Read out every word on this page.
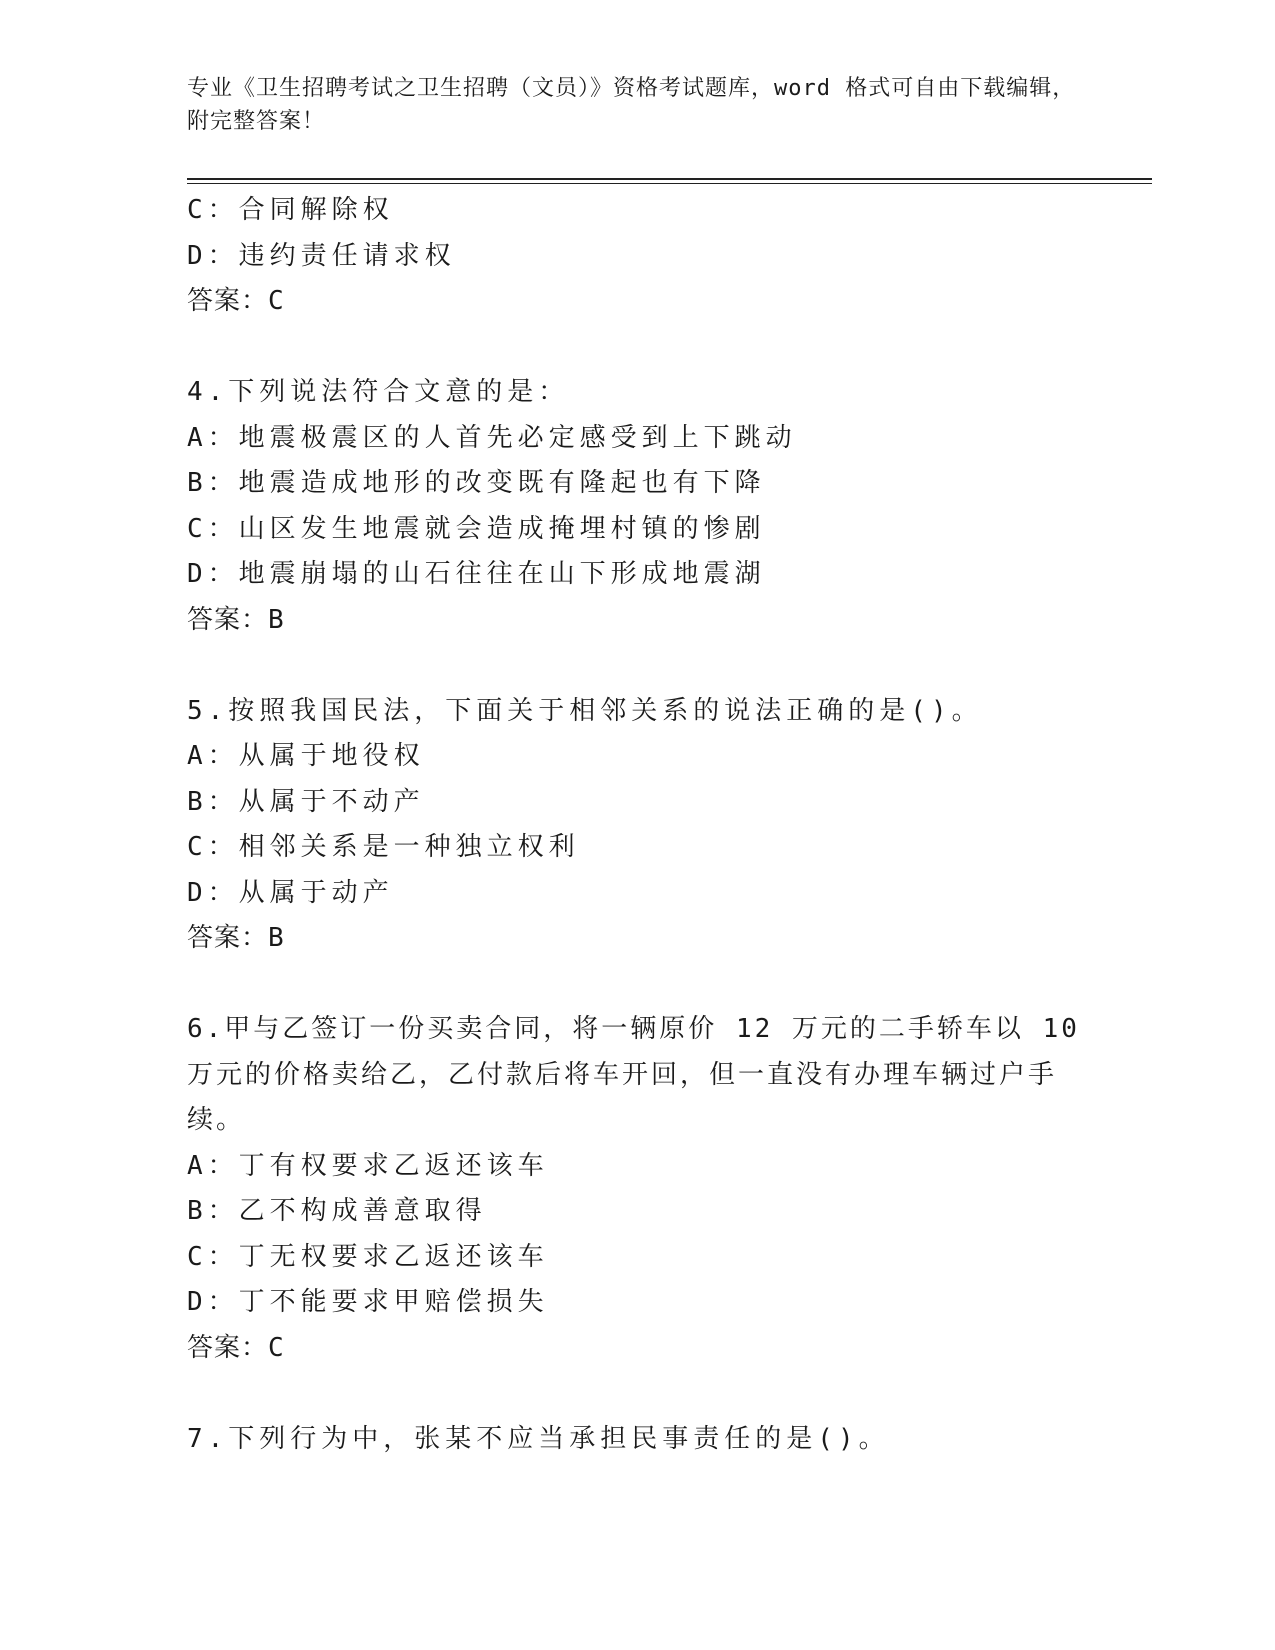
专业《卫生招聘考试之卫生招聘（文员）》资格考试题库，word 格式可自由下载编辑，附完整答案！
C：合同解除权
D：违约责任请求权
答案：C
4.下列说法符合文意的是：
A：地震极震区的人首先必定感受到上下跳动
B：地震造成地形的改变既有隆起也有下降
C：山区发生地震就会造成掩埋村镇的惨剧
D：地震崩塌的山石往往在山下形成地震湖
答案：B
5.按照我国民法，下面关于相邻关系的说法正确的是()。
A：从属于地役权
B：从属于不动产
C：相邻关系是一种独立权利
D：从属于动产
答案：B
6.甲与乙签订一份买卖合同，将一辆原价 12 万元的二手轿车以 10 万元的价格卖给乙，乙付款后将车开回，但一直没有办理车辆过户手续。
A：丁有权要求乙返还该车
B：乙不构成善意取得
C：丁无权要求乙返还该车
D：丁不能要求甲赔偿损失
答案：C
7.下列行为中，张某不应当承担民事责任的是()。
